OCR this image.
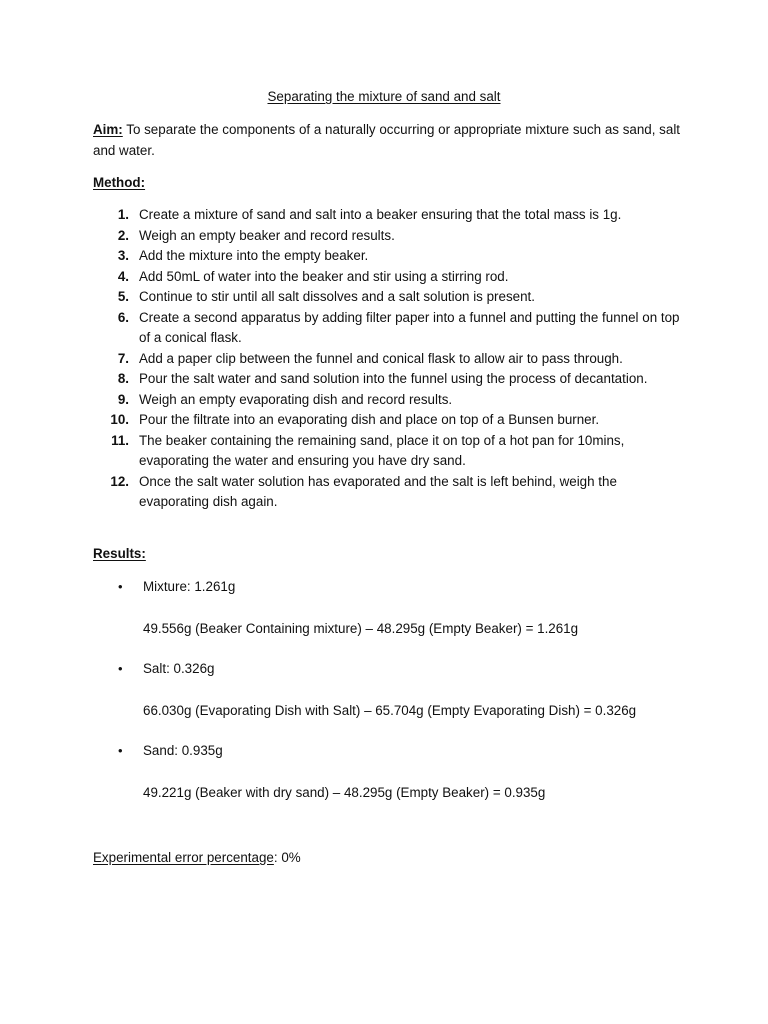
Separating the mixture of sand and salt
Aim: To separate the components of a naturally occurring or appropriate mixture such as sand, salt and water.
Method:
1. Create a mixture of sand and salt into a beaker ensuring that the total mass is 1g.
2. Weigh an empty beaker and record results.
3. Add the mixture into the empty beaker.
4. Add 50mL of water into the beaker and stir using a stirring rod.
5. Continue to stir until all salt dissolves and a salt solution is present.
6. Create a second apparatus by adding filter paper into a funnel and putting the funnel on top of a conical flask.
7. Add a paper clip between the funnel and conical flask to allow air to pass through.
8. Pour the salt water and sand solution into the funnel using the process of decantation.
9. Weigh an empty evaporating dish and record results.
10. Pour the filtrate into an evaporating dish and place on top of a Bunsen burner.
11. The beaker containing the remaining sand, place it on top of a hot pan for 10mins, evaporating the water and ensuring you have dry sand.
12. Once the salt water solution has evaporated and the salt is left behind, weigh the evaporating dish again.
Results:
• Mixture: 1.261g
49.556g (Beaker Containing mixture) – 48.295g (Empty Beaker) = 1.261g
• Salt: 0.326g
66.030g (Evaporating Dish with Salt) – 65.704g (Empty Evaporating Dish) = 0.326g
• Sand: 0.935g
49.221g (Beaker with dry sand) – 48.295g (Empty Beaker) = 0.935g
Experimental error percentage: 0%
